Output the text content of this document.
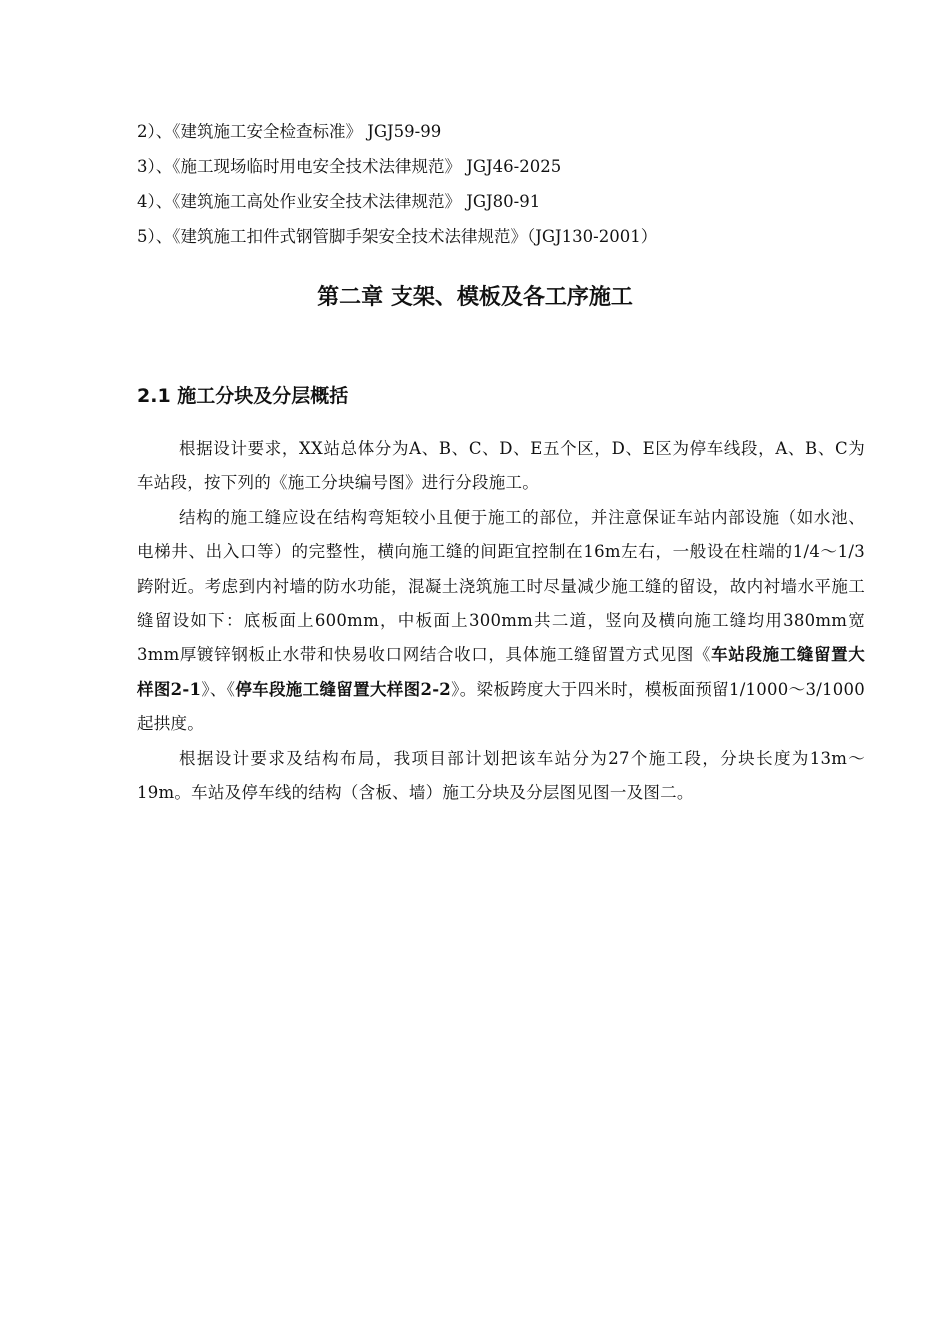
2）、《建筑施工安全检查标准》 JGJ59-99
3）、《施工现场临时用电安全技术法律规范》 JGJ46-2025
4）、《建筑施工高处作业安全技术法律规范》 JGJ80-91
5）、《建筑施工扣件式钢管脚手架安全技术法律规范》（JGJ130-2001）
第二章 支架、模板及各工序施工
2.1 施工分块及分层概括

根据设计要求，XX站总体分为A、B、C、D、E五个区，D、E区为停车线段，A、B、C为车站段，按下列的《施工分块编号图》进行分段施工。

结构的施工缝应设在结构弯矩较小且便于施工的部位，并注意保证车站内部设施（如水池、电梯井、出入口等）的完整性，横向施工缝的间距宜控制在16m左右，一般设在柱端的1/4～1/3跨附近。考虑到内衬墙的防水功能，混凝土浇筑施工时尽量减少施工缝的留设，故内衬墙水平施工缝留设如下：底板面上600mm，中板面上300mm共二道，竖向及横向施工缝均用380mm宽3mm厚镀锌钢板止水带和快易收口网结合收口，具体施工缝留置方式见图《车站段施工缝留置大样图2-1》、《停车段施工缝留置大样图2-2》。梁板跨度大于四米时，模板面预留1/1000～3/1000起拱度。

根据设计要求及结构布局，我项目部计划把该车站分为27个施工段，分块长度为13m～19m。车站及停车线的结构（含板、墙）施工分块及分层图见图一及图二。
